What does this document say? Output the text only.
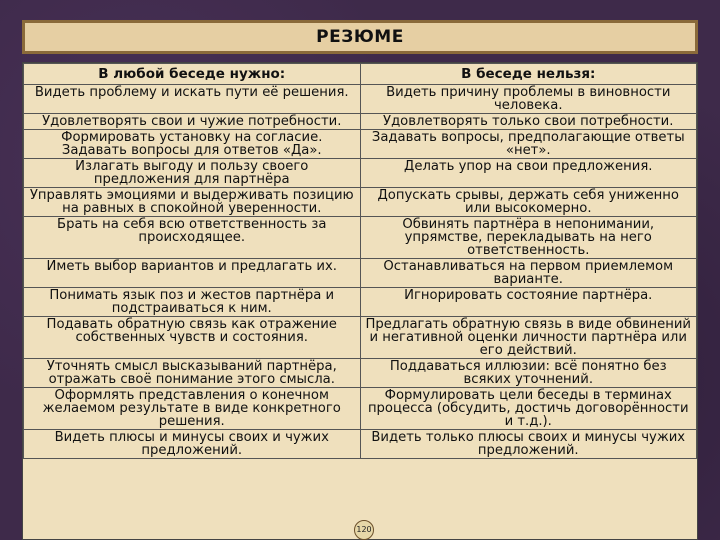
РЕЗЮМЕ
В любой беседе нужно:	В беседе нельзя:
Видеть проблему и искать пути её решения.	Видеть причину проблемы в виновности человека.
Удовлетворять свои и чужие потребности.	Удовлетворять только свои потребности.
Формировать установку на согласие. Задавать вопросы для ответов «Да».	Задавать вопросы, предполагающие ответы «нет».
Излагать выгоду и пользу своего предложения для партнёра	Делать упор на свои предложения.
Управлять эмоциями и выдерживать позицию на равных в спокойной уверенности.	Допускать срывы, держать себя униженно или высокомерно.
Брать на себя всю ответственность за происходящее.	Обвинять партнёра в непонимании, упрямстве, перекладывать на него ответственность.
Иметь выбор вариантов и предлагать их.	Останавливаться на первом приемлемом варианте.
Понимать язык поз и жестов партнёра и подстраиваться к ним.	Игнорировать состояние партнёра.
Подавать обратную связь как отражение собственных чувств и состояния.	Предлагать обратную связь в виде обвинений и негативной оценки личности партнёра или его действий.
Уточнять смысл высказываний партнёра, отражать своё понимание этого смысла.	Поддаваться иллюзии: всё понятно без всяких уточнений.
Оформлять представления о конечном желаемом результате в виде конкретного решения.	Формулировать цели беседы в терминах процесса (обсудить, достичь договорённости и т.д.).
Видеть плюсы и минусы своих и чужих предложений.	Видеть только плюсы своих и минусы чужих предложений.
120
